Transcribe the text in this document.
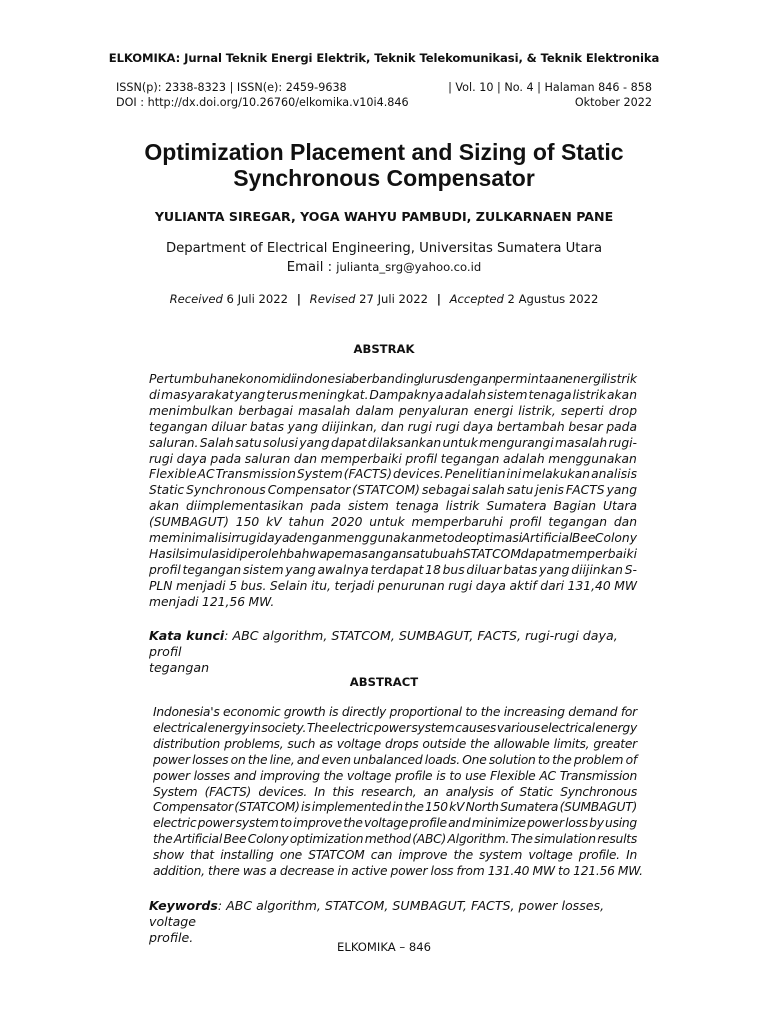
ELKOMIKA: Jurnal Teknik Energi Elektrik, Teknik Telekomunikasi, & Teknik Elektronika
ISSN(p): 2338-8323 | ISSN(e): 2459-9638	| Vol. 10 | No. 4 | Halaman 846 - 858
DOI : http://dx.doi.org/10.26760/elkomika.v10i4.846	Oktober 2022
Optimization Placement and Sizing of Static
Synchronous Compensator
YULIANTA SIREGAR, YOGA WAHYU PAMBUDI, ZULKARNAEN PANE
Department of Electrical Engineering, Universitas Sumatera Utara
Email : julianta_srg@yahoo.co.id
Received 6 Juli 2022 | Revised 27 Juli 2022 | Accepted 2 Agustus 2022
ABSTRAK
Pertumbuhan ekonomi di indonesia berbanding lurus dengan permintaan energi listrik
di masyarakat yang terus meningkat. Dampaknya adalah sistem tenaga listrik akan
menimbulkan berbagai masalah dalam penyaluran energi listrik, seperti drop
tegangan diluar batas yang diijinkan, dan rugi rugi daya bertambah besar pada
saluran. Salah satu solusi yang dapat dilaksankan untuk mengurangi masalah rugi-
rugi daya pada saluran dan memperbaiki profil tegangan adalah menggunakan
Flexible AC Transmission System (FACTS) devices. Penelitian ini melakukan analisis
Static Synchronous Compensator (STATCOM) sebagai salah satu jenis FACTS yang
akan diimplementasikan pada sistem tenaga listrik Sumatera Bagian Utara
(SUMBAGUT) 150 kV tahun 2020 untuk memperbaruhi profil tegangan dan
meminimalisir rugi daya dengan menggunakan metode optimasi Artificial Bee Colony
Hasil simulasi diperoleh bahwa pemasangan satu buah STATCOM dapat memperbaiki
profil tegangan sistem yang awalnya terdapat 18 bus diluar batas yang diijinkan S-
PLN menjadi 5 bus. Selain itu, terjadi penurunan rugi daya aktif dari 131,40 MW
menjadi 121,56 MW.
Kata kunci: ABC algorithm, STATCOM, SUMBAGUT, FACTS, rugi-rugi daya, profil
tegangan
ABSTRACT
Indonesia's economic growth is directly proportional to the increasing demand for
electrical energy in society. The electric power system causes various electrical energy
distribution problems, such as voltage drops outside the allowable limits, greater
power losses on the line, and even unbalanced loads. One solution to the problem of
power losses and improving the voltage profile is to use Flexible AC Transmission
System (FACTS) devices. In this research, an analysis of Static Synchronous
Compensator (STATCOM) is implemented in the 150 kV North Sumatera (SUMBAGUT)
electric power system to improve the voltage profile and minimize power loss by using
the Artificial Bee Colony optimization method (ABC) Algorithm. The simulation results
show that installing one STATCOM can improve the system voltage profile. In
addition, there was a decrease in active power loss from 131.40 MW to 121.56 MW.
Keywords: ABC algorithm, STATCOM, SUMBAGUT, FACTS, power losses, voltage
profile.
ELKOMIKA – 846
